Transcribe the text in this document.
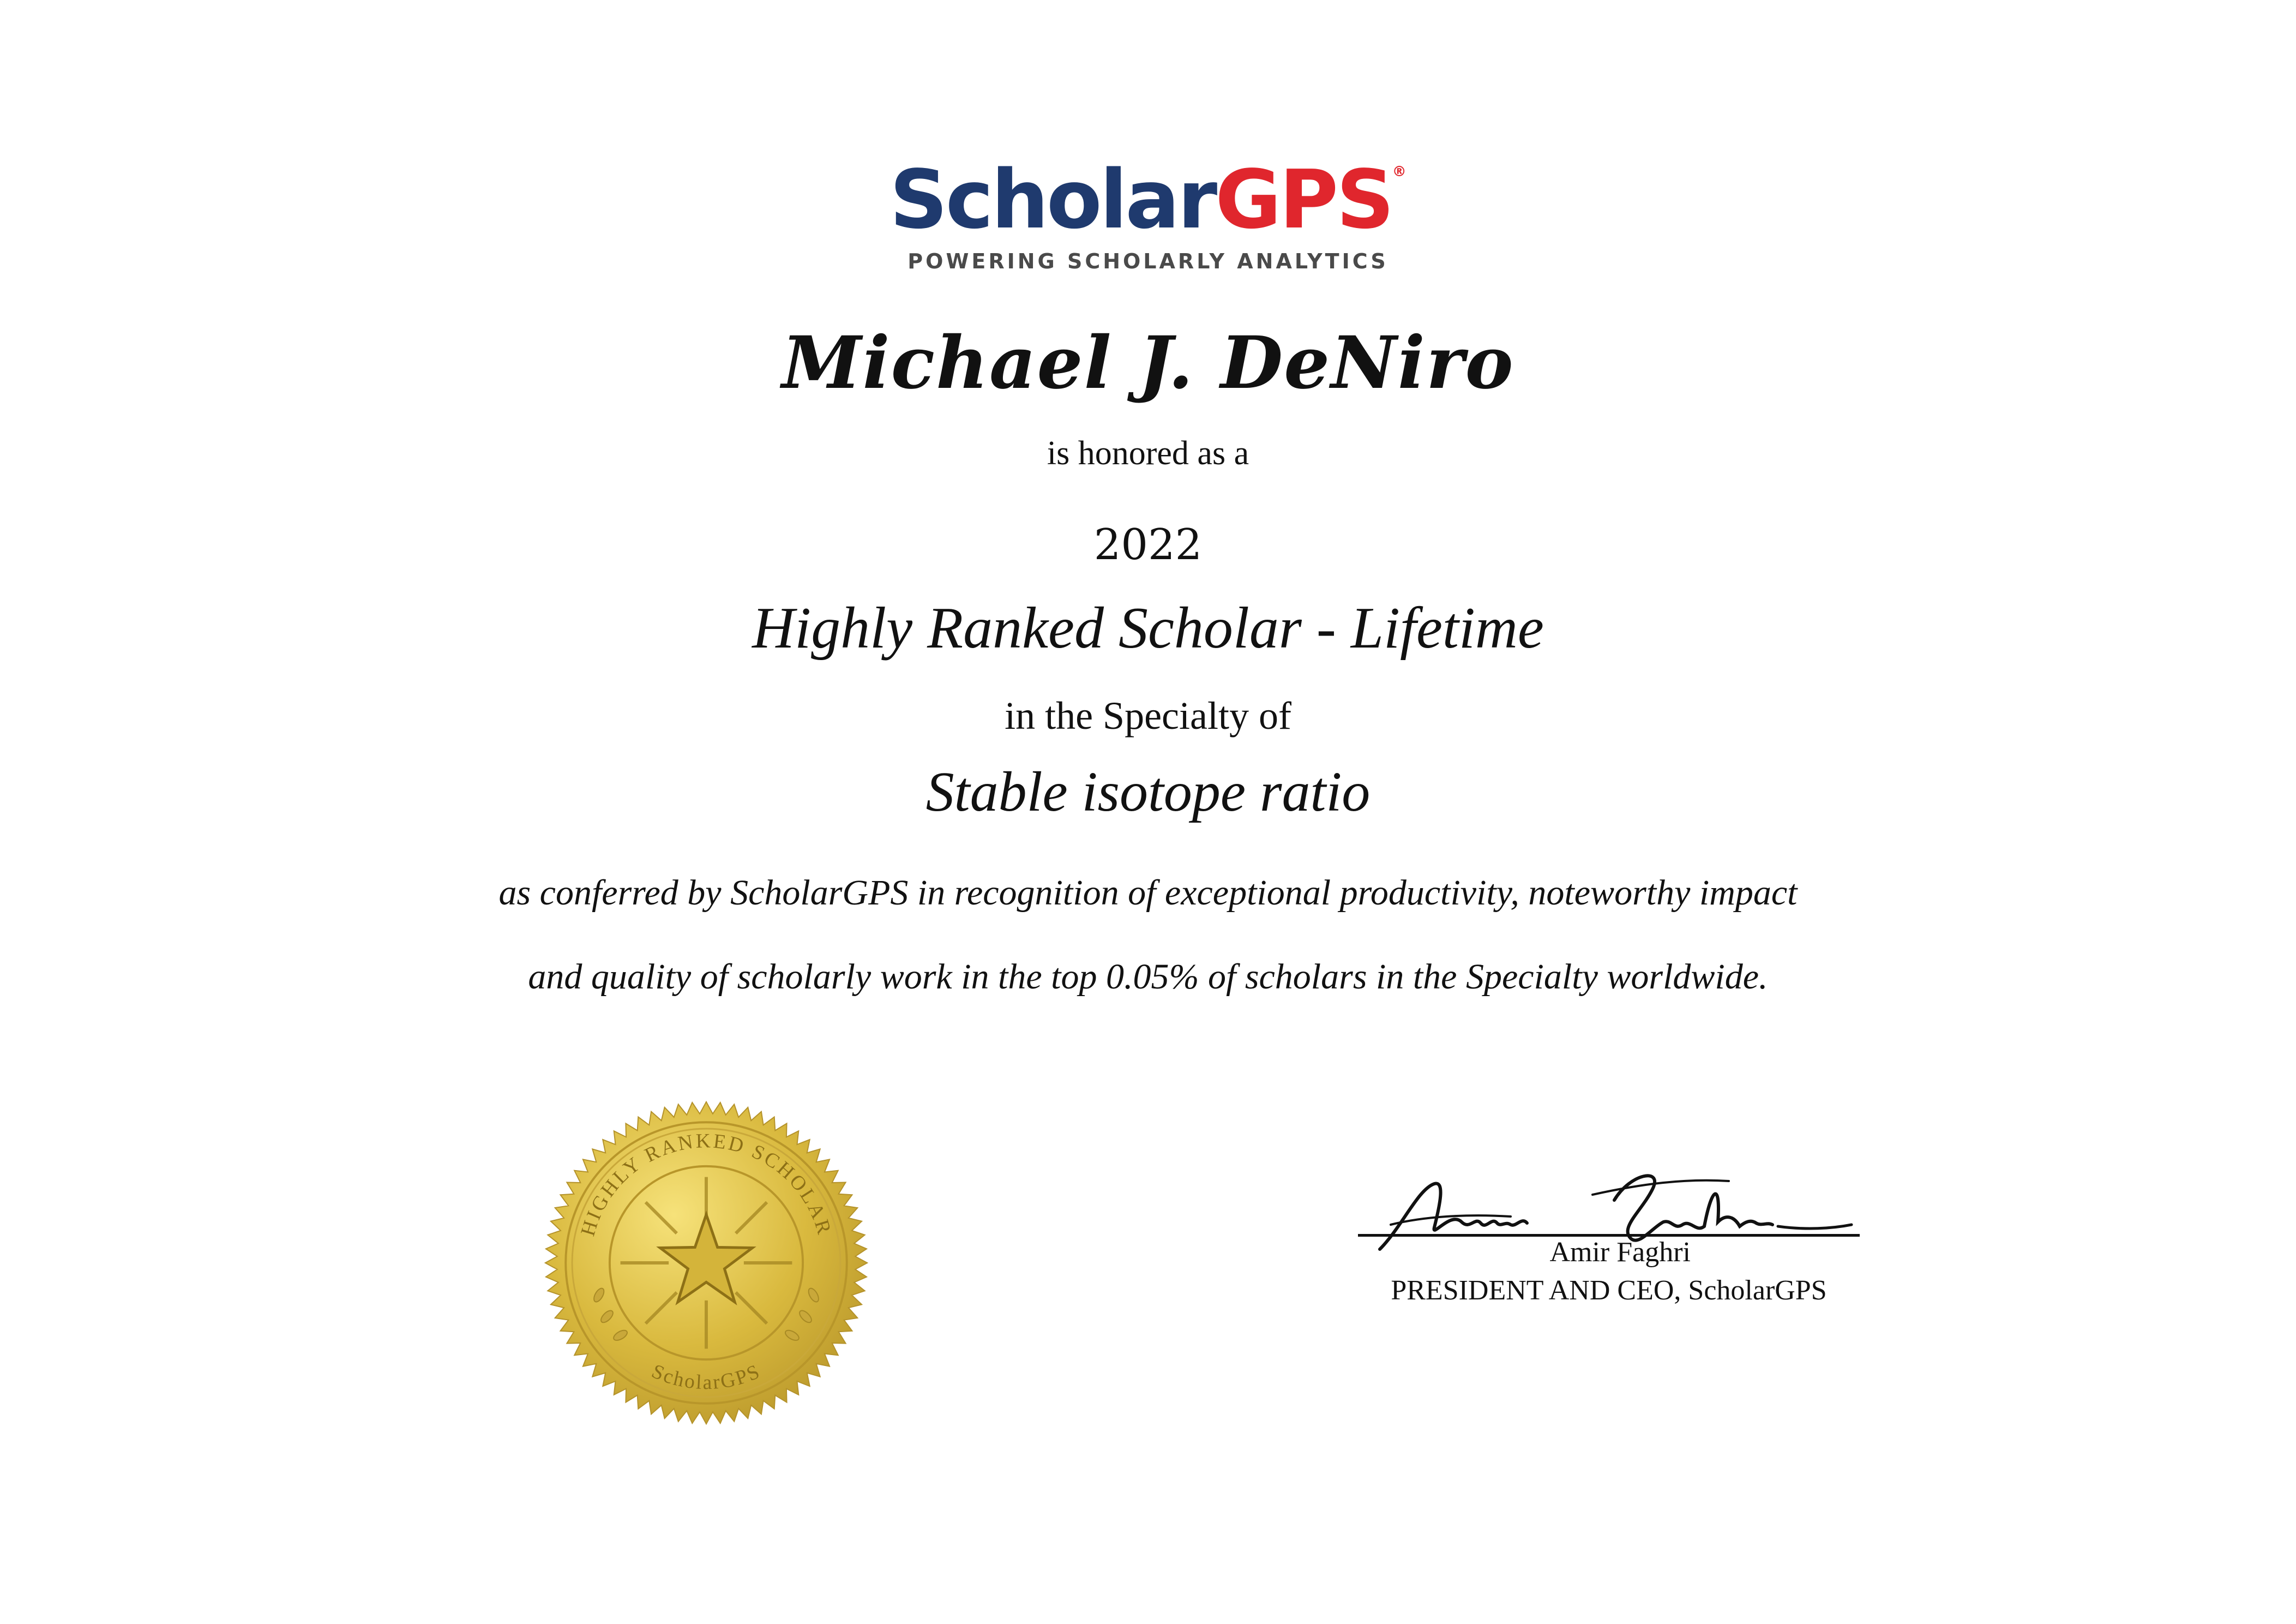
ScholarGPS®
POWERING SCHOLARLY ANALYTICS
Michael J. DeNiro
is honored as a
2022
Highly Ranked Scholar - Lifetime
in the Specialty of
Stable isotope ratio
as conferred by ScholarGPS in recognition of exceptional productivity, noteworthy impact
and quality of scholarly work in the top 0.05% of scholars in the Specialty worldwide.
HIGHLY RANKED SCHOLAR
ScholarGPS
Amir Faghri
PRESIDENT AND CEO, ScholarGPS
